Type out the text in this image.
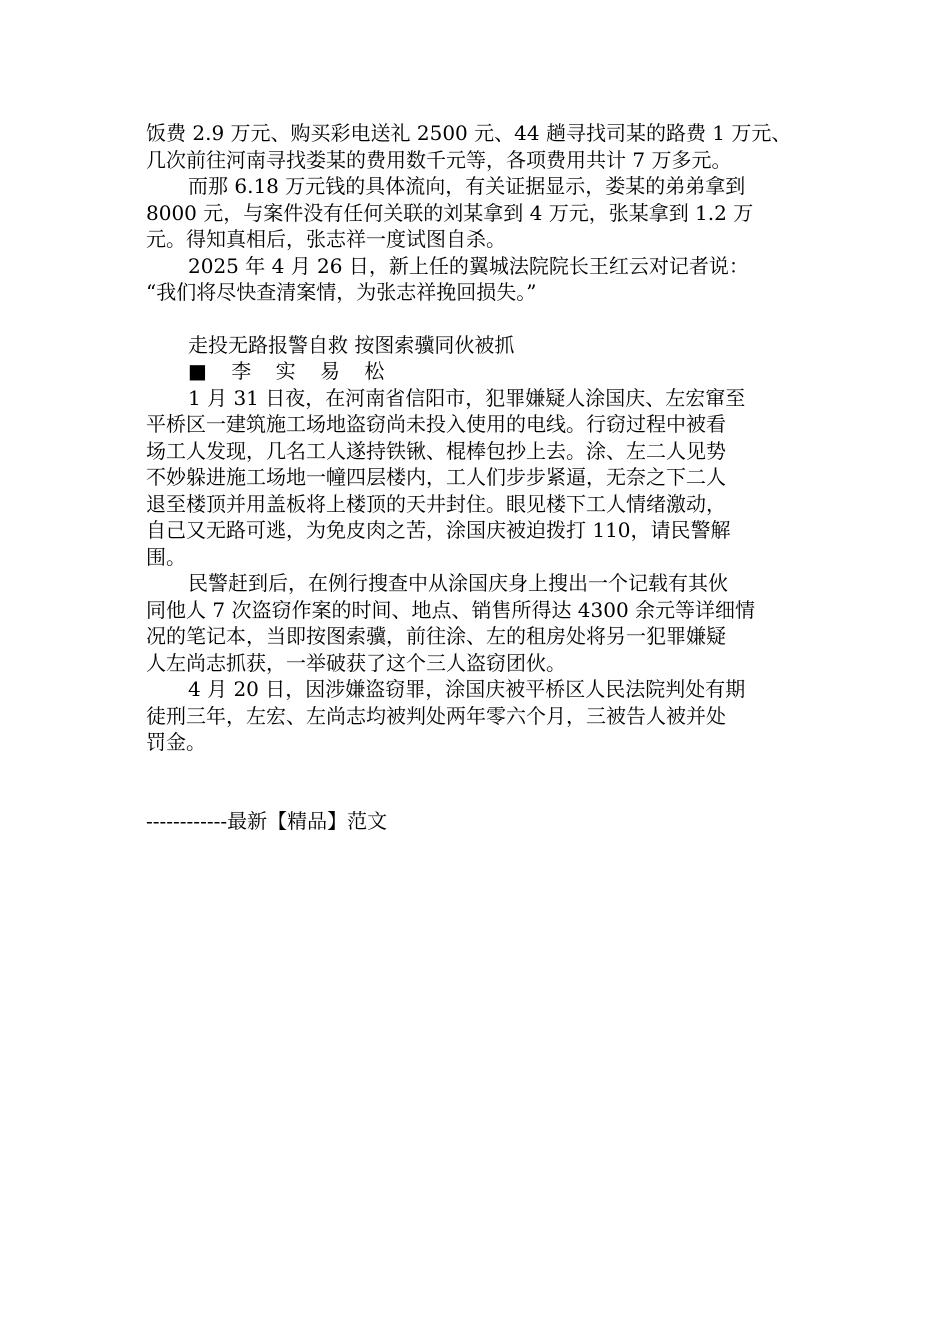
饭费 2.9 万元、购买彩电送礼 2500 元、44 趟寻找司某的路费 1 万元、
几次前往河南寻找娄某的费用数千元等，各项费用共计 7 万多元。
而那 6.18 万元钱的具体流向，有关证据显示，娄某的弟弟拿到
8000 元，与案件没有任何关联的刘某拿到 4 万元，张某拿到 1.2 万
元。得知真相后，张志祥一度试图自杀。
2025 年 4 月 26 日，新上任的翼城法院院长王红云对记者说：
“我们将尽快查清案情，为张志祥挽回损失。”
走投无路报警自救 按图索骥同伙被抓
■ 李 实 易 松
1 月 31 日夜，在河南省信阳市，犯罪嫌疑人涂国庆、左宏窜至
平桥区一建筑施工场地盗窃尚未投入使用的电线。行窃过程中被看
场工人发现，几名工人遂持铁锹、棍棒包抄上去。涂、左二人见势
不妙躲进施工场地一幢四层楼内，工人们步步紧逼，无奈之下二人
退至楼顶并用盖板将上楼顶的天井封住。眼见楼下工人情绪激动，
自己又无路可逃，为免皮肉之苦，涂国庆被迫拨打 110，请民警解
围。
民警赶到后，在例行搜查中从涂国庆身上搜出一个记载有其伙
同他人 7 次盗窃作案的时间、地点、销售所得达 4300 余元等详细情
况的笔记本，当即按图索骥，前往涂、左的租房处将另一犯罪嫌疑
人左尚志抓获，一举破获了这个三人盗窃团伙。
4 月 20 日，因涉嫌盗窃罪，涂国庆被平桥区人民法院判处有期
徒刑三年，左宏、左尚志均被判处两年零六个月，三被告人被并处
罚金。
------------最新【精品】范文
